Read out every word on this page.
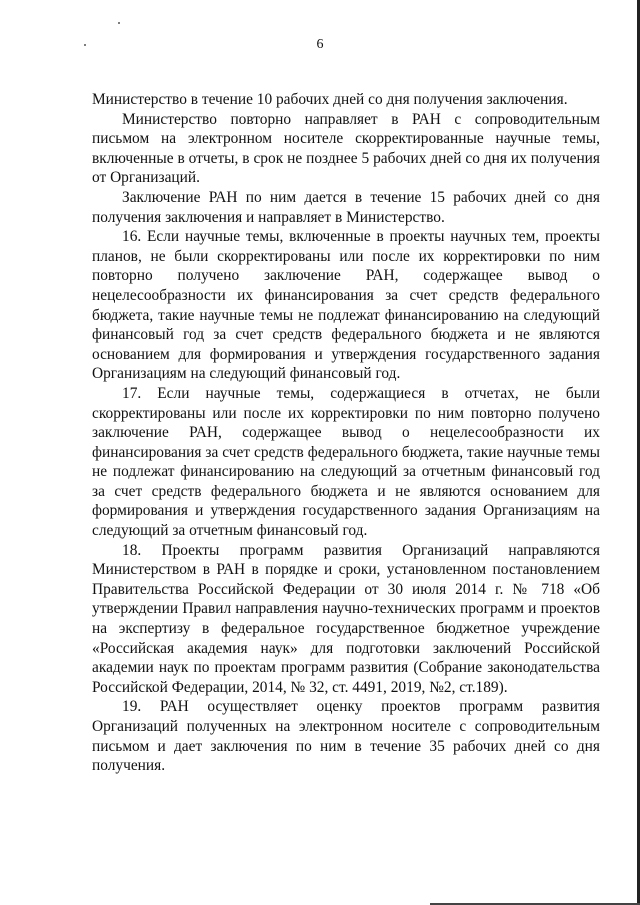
6

Министерство в течение 10 рабочих дней со дня получения заключения.

Министерство повторно направляет в РАН с сопроводительным письмом на электронном носителе скорректированные научные темы, включенные в отчеты, в срок не позднее 5 рабочих дней со дня их получения от Организаций.

Заключение РАН по ним дается в течение 15 рабочих дней со дня получения заключения и направляет в Министерство.

16. Если научные темы, включенные в проекты научных тем, проекты планов, не были скорректированы или после их корректировки по ним повторно получено заключение РАН, содержащее вывод о нецелесообразности их финансирования за счет средств федерального бюджета, такие научные темы не подлежат финансированию на следующий финансовый год за счет средств федерального бюджета и не являются основанием для формирования и утверждения государственного задания Организациям на следующий финансовый год.

17. Если научные темы, содержащиеся в отчетах, не были скорректированы или после их корректировки по ним повторно получено заключение РАН, содержащее вывод о нецелесообразности их финансирования за счет средств федерального бюджета, такие научные темы не подлежат финансированию на следующий за отчетным финансовый год за счет средств федерального бюджета и не являются основанием для формирования и утверждения государственного задания Организациям на следующий за отчетным финансовый год.

18. Проекты программ развития Организаций направляются Министерством в РАН в порядке и сроки, установленном постановлением Правительства Российской Федерации от 30 июля 2014 г. № 718 «Об утверждении Правил направления научно-технических программ и проектов на экспертизу в федеральное государственное бюджетное учреждение «Российская академия наук» для подготовки заключений Российской академии наук по проектам программ развития (Собрание законодательства Российской Федерации, 2014, № 32, ст. 4491, 2019, №2, ст.189).

19. РАН осуществляет оценку проектов программ развития Организаций полученных на электронном носителе с сопроводительным письмом и дает заключения по ним в течение 35 рабочих дней со дня получения.
